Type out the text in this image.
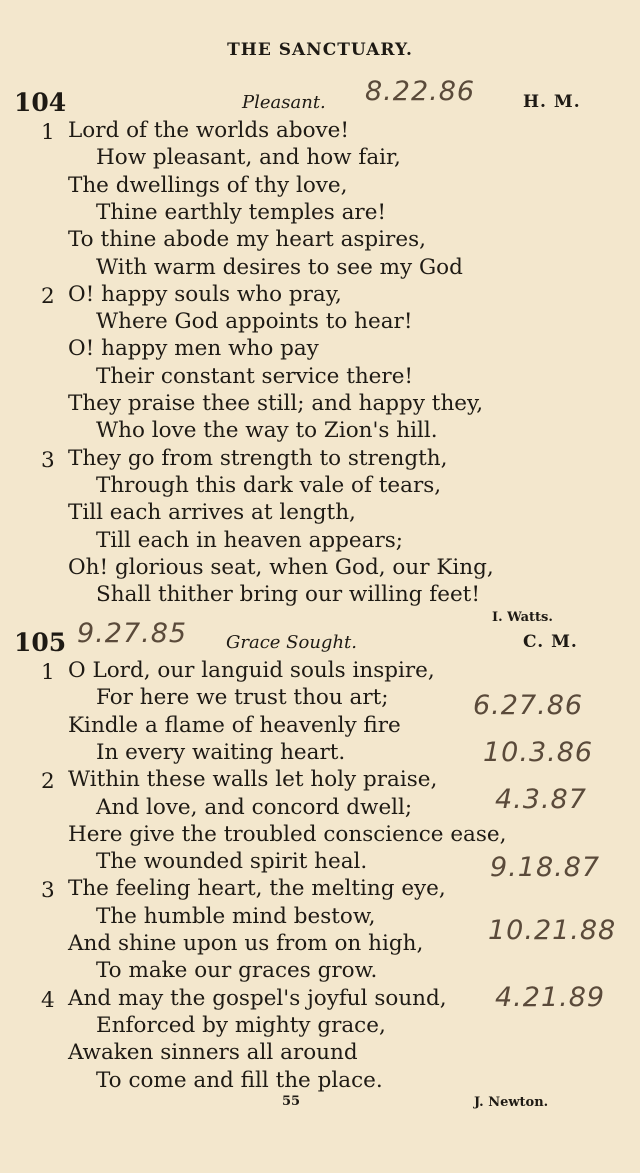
THE SANCTUARY.
104	Pleasant. 8.22.86	H. M.
1 Lord of the worlds above!
How pleasant, and how fair,
The dwellings of thy love,
Thine earthly temples are!
To thine abode my heart aspires,
With warm desires to see my God
2 O! happy souls who pray,
Where God appoints to hear!
O! happy men who pay
Their constant service there!
They praise thee still; and happy they,
Who love the way to Zion's hill.
3 They go from strength to strength,
Through this dark vale of tears,
Till each arrives at length,
Till each in heaven appears;
Oh! glorious seat, when God, our King,
Shall thither bring our willing feet!
I. Watts.
105 9.27.85 Grace Sought.	C. M.
1 O Lord, our languid souls inspire,
For here we trust thou art;
Kindle a flame of heavenly fire
In every waiting heart.
2 Within these walls let holy praise,
And love, and concord dwell;
Here give the troubled conscience ease,
The wounded spirit heal.
3 The feeling heart, the melting eye,
The humble mind bestow,
And shine upon us from on high,
To make our graces grow.
4 And may the gospel's joyful sound,
Enforced by mighty grace,
Awaken sinners all around
To come and fill the place.
6.27.86
10.3.86
4.3.87
9.18.87
10.21.88
4.21.89
55	J. Newton.
